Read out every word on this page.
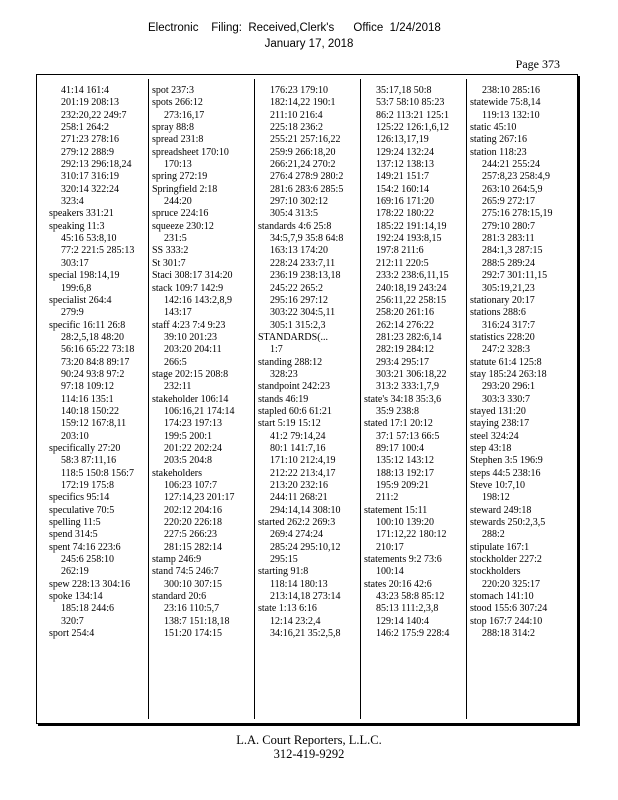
Electronic    Filing:  Received,Clerk's      Office  1/24/2018
January 17, 2018
Page 373
41:14 161:4
201:19 208:13
232:20,22 249:7
258:1 264:2
271:23 278:16
279:12 288:9
292:13 296:18,24
310:17 316:19
320:14 322:24
323:4
speakers 331:21
speaking 11:3
45:16 53:8,10
77:2 221:5 285:13
303:17
special 198:14,19
199:6,8
specialist 264:4
279:9
specific 16:11 26:8
28:2,5,18 48:20
56:16 65:22 73:18
73:20 84:8 89:17
90:24 93:8 97:2
97:18 109:12
114:16 135:1
140:18 150:22
159:12 167:8,11
203:10
specifically 27:20
58:3 87:11,16
118:5 150:8 156:7
172:19 175:8
specifics 95:14
speculative 70:5
spelling 11:5
spend 314:5
spent 74:16 223:6
245:6 258:10
262:19
spew 228:13 304:16
spoke 134:14
185:18 244:6
320:7
sport 254:4
spot 237:3
spots 266:12
273:16,17
spray 88:8
spread 231:8
spreadsheet 170:10
170:13
spring 272:19
Springfield 2:18
244:20
spruce 224:16
squeeze 230:12
231:5
SS 333:2
St 301:7
Staci 308:17 314:20
stack 109:7 142:9
142:16 143:2,8,9
143:17
staff 4:23 7:4 9:23
39:10 201:23
203:20 204:11
266:5
stage 202:15 208:8
232:11
stakeholder 106:14
106:16,21 174:14
174:23 197:13
199:5 200:1
201:22 202:24
203:5 204:8
stakeholders
106:23 107:7
127:14,23 201:17
202:12 204:16
220:20 226:18
227:5 266:23
281:15 282:14
stamp 246:9
stand 74:5 246:7
300:10 307:15
standard 20:6
23:16 110:5,7
138:7 151:18,18
151:20 174:15
176:23 179:10
182:14,22 190:1
211:10 216:4
225:18 236:2
255:21 257:16,22
259:9 266:18,20
266:21,24 270:2
276:4 278:9 280:2
281:6 283:6 285:5
297:10 302:12
305:4 313:5
standards 4:6 25:8
34:5,7,9 35:8 64:8
163:13 174:20
228:24 233:7,11
236:19 238:13,18
245:22 265:2
295:16 297:12
303:22 304:5,11
305:1 315:2,3
STANDARDS(...
1:7
standing 288:12
328:23
standpoint 242:23
stands 46:19
stapled 60:6 61:21
start 5:19 15:12
41:2 79:14,24
80:1 141:7,16
171:10 212:4,19
212:22 213:4,17
213:20 232:16
244:11 268:21
294:14,14 308:10
started 262:2 269:3
269:4 274:24
285:24 295:10,12
295:15
starting 91:8
118:14 180:13
213:14,18 273:14
state 1:13 6:16
12:14 23:2,4
34:16,21 35:2,5,8
35:17,18 50:8
53:7 58:10 85:23
86:2 113:21 125:1
125:22 126:1,6,12
126:13,17,19
129:24 132:24
137:12 138:13
149:21 151:7
154:2 160:14
169:16 171:20
178:22 180:22
185:22 191:14,19
192:24 193:8,15
197:8 211:6
212:11 220:5
233:2 238:6,11,15
240:18,19 243:24
256:11,22 258:15
258:20 261:16
262:14 276:22
281:23 282:6,14
282:19 284:12
293:4 295:17
303:21 306:18,22
313:2 333:1,7,9
state's 34:18 35:3,6
35:9 238:8
stated 17:1 20:12
37:1 57:13 66:5
89:17 100:4
135:12 143:12
188:13 192:17
195:9 209:21
211:2
statement 15:11
100:10 139:20
171:12,22 180:12
210:17
statements 9:2 73:6
100:14
states 20:16 42:6
43:23 58:8 85:12
85:13 111:2,3,8
129:14 140:4
146:2 175:9 228:4
238:10 285:16
statewide 75:8,14
119:13 132:10
static 45:10
stating 267:16
station 118:23
244:21 255:24
257:8,23 258:4,9
263:10 264:5,9
265:9 272:17
275:16 278:15,19
279:10 280:7
281:3 283:11
284:1,3 287:15
288:5 289:24
292:7 301:11,15
305:19,21,23
stationary 20:17
stations 288:6
316:24 317:7
statistics 228:20
247:2 328:3
statute 61:4 125:8
stay 185:24 263:18
293:20 296:1
303:3 330:7
stayed 131:20
staying 238:17
steel 324:24
step 43:18
Stephen 3:5 196:9
steps 44:5 238:16
Steve 10:7,10
198:12
steward 249:18
stewards 250:2,3,5
288:2
stipulate 167:1
stockholder 227:2
stockholders
220:20 325:17
stomach 141:10
stood 155:6 307:24
stop 167:7 244:10
288:18 314:2
L.A. Court Reporters, L.L.C.
312-419-9292
